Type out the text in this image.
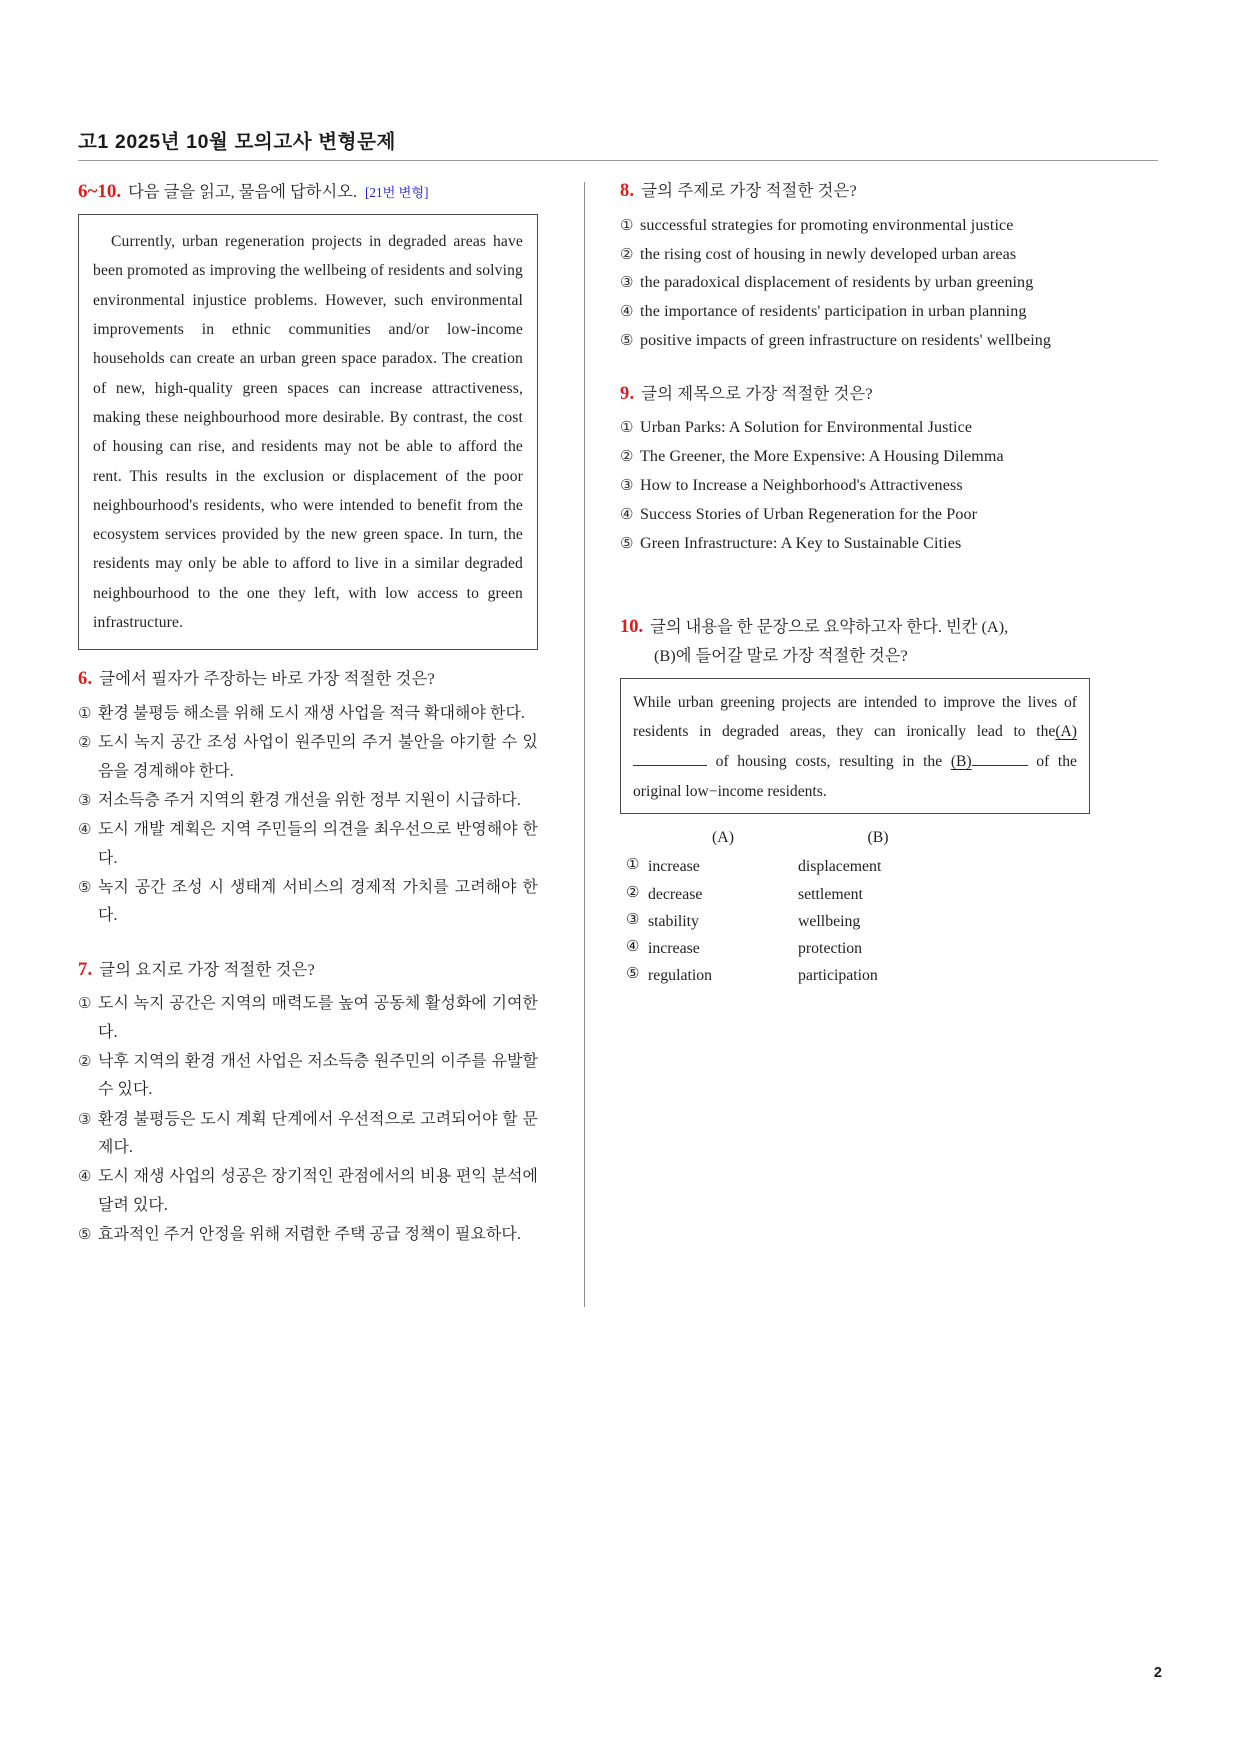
고1 2025년 10월 모의고사 변형문제
6~10. 다음 글을 읽고, 물음에 답하시오. [21번 변형]

Currently, urban regeneration projects in degraded areas have been promoted as improving the wellbeing of residents and solving environmental injustice problems. However, such environmental improvements in ethnic communities and/or low‑income households can create an urban green space paradox. The creation of new, high‑quality green spaces can increase attractiveness, making these neighbourhood more desirable. By contrast, the cost of housing can rise, and residents may not be able to afford the rent. This results in the exclusion or displacement of the poor neighbourhood's residents, who were intended to benefit from the ecosystem services provided by the new green space. In turn, the residents may only be able to afford to live in a similar degraded neighbourhood to the one they left, with low access to green infrastructure.

6. 글에서 필자가 주장하는 바로 가장 적절한 것은?
① 환경 불평등 해소를 위해 도시 재생 사업을 적극 확대해야 한다.
② 도시 녹지 공간 조성 사업이 원주민의 주거 불안을 야기할 수 있음을 경계해야 한다.
③ 저소득층 주거 지역의 환경 개선을 위한 정부 지원이 시급하다.
④ 도시 개발 계획은 지역 주민들의 의견을 최우선으로 반영해야 한다.
⑤ 녹지 공간 조성 시 생태계 서비스의 경제적 가치를 고려해야 한다.
7. 글의 요지로 가장 적절한 것은?
① 도시 녹지 공간은 지역의 매력도를 높여 공동체 활성화에 기여한다.
② 낙후 지역의 환경 개선 사업은 저소득층 원주민의 이주를 유발할 수 있다.
③ 환경 불평등은 도시 계획 단계에서 우선적으로 고려되어야 할 문제다.
④ 도시 재생 사업의 성공은 장기적인 관점에서의 비용 편익 분석에 달려 있다.
⑤ 효과적인 주거 안정을 위해 저렴한 주택 공급 정책이 필요하다.
8. 글의 주제로 가장 적절한 것은?
① successful strategies for promoting environmental justice
② the rising cost of housing in newly developed urban areas
③ the paradoxical displacement of residents by urban greening
④ the importance of residents' participation in urban planning
⑤ positive impacts of green infrastructure on residents' wellbeing
9. 글의 제목으로 가장 적절한 것은?
① Urban Parks: A Solution for Environmental Justice
② The Greener, the More Expensive: A Housing Dilemma
③ How to Increase a Neighborhood's Attractiveness
④ Success Stories of Urban Regeneration for the Poor
⑤ Green Infrastructure: A Key to Sustainable Cities
10. 글의 내용을 한 문장으로 요약하고자 한다. 빈칸 (A),
(B)에 들어갈 말로 가장 적절한 것은?

While urban greening projects are intended to improve the lives of residents in degraded areas, they can ironically lead to the(A) of housing costs, resulting in the (B)	of the original low−income residents.

(A)	(B)
① increase	displacement
② decrease	settlement
③ stability	wellbeing
④ increase	protection
⑤ regulation	participation
2
